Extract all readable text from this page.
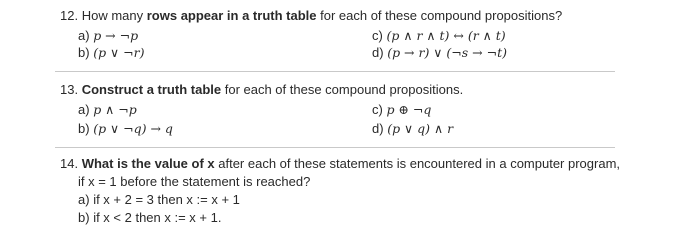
12. How many rows appear in a truth table for each of these compound propositions?
a) p → ¬p
b) (p ∨ ¬r)
c) (p ∧ r ∧ t) ↔ (r ∧ t)
d) (p → r) ∨ (¬s → ¬t)
13. Construct a truth table for each of these compound propositions.
a) p ∧ ¬p
b) (p ∨ ¬q) → q
c) p ⊕ ¬q
d) (p ∨ q) ∧ r
14. What is the value of x after each of these statements is encountered in a computer program,
if x = 1 before the statement is reached?
a) if x + 2 = 3 then x := x + 1
b) if x < 2 then x := x + 1.
